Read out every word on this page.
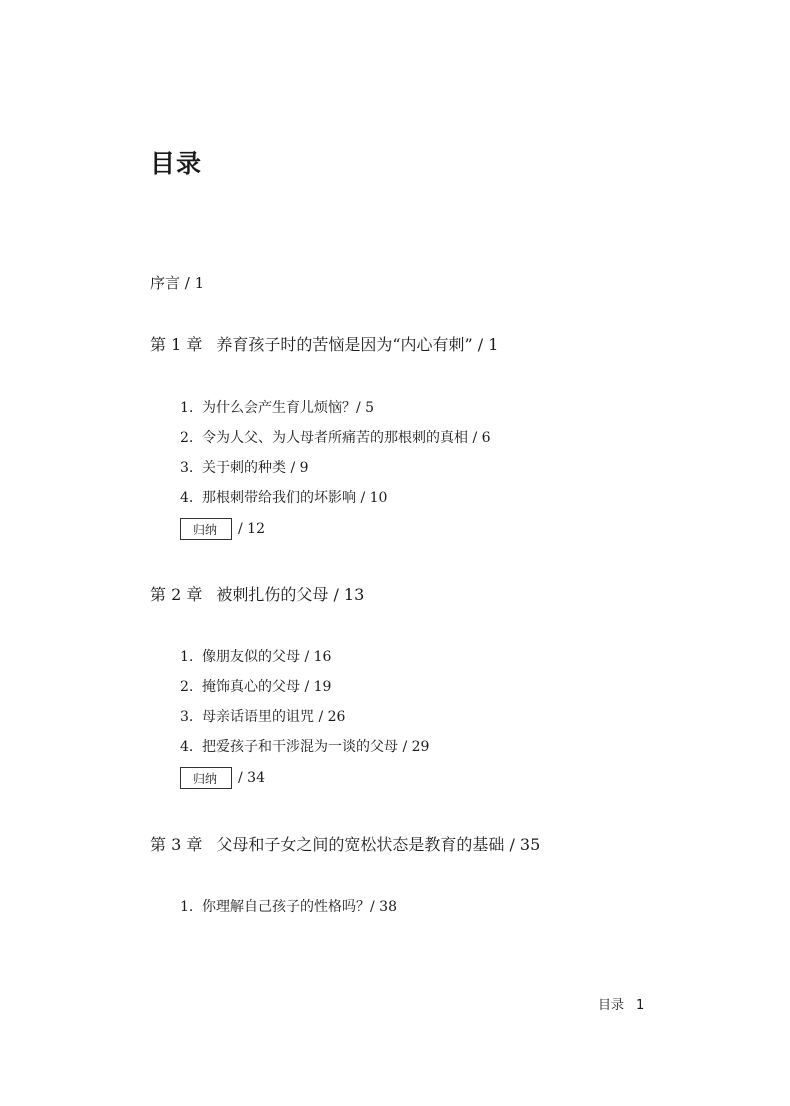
目录
序言 / 1
第 1 章 养育孩子时的苦恼是因为“内心有刺” / 1
1. 为什么会产生育儿烦恼？/ 5
2. 令为人父、为人母者所痛苦的那根刺的真相 / 6
3. 关于刺的种类 / 9
4. 那根刺带给我们的坏影响 / 10
归纳	/ 12
第 2 章 被刺扎伤的父母 / 13
1. 像朋友似的父母 / 16
2. 掩饰真心的父母 / 19
3. 母亲话语里的诅咒 / 26
4. 把爱孩子和干涉混为一谈的父母 / 29
归纳	/ 34
第 3 章 父母和子女之间的宽松状态是教育的基础 / 35
1. 你理解自己孩子的性格吗？/ 38
目录 1
